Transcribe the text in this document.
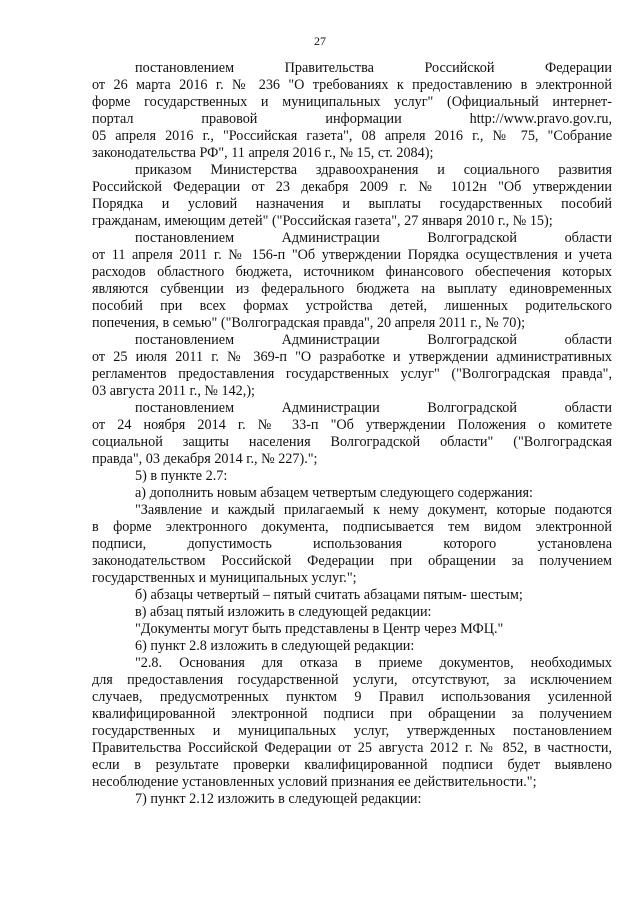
27
постановлением Правительства Российской Федерации
от 26 марта 2016 г. № 236 "О требованиях к предоставлению в электронной
форме государственных и муниципальных услуг" (Официальный интернет-
портал правовой информации http://www.pravo.gov.ru,
05 апреля 2016 г., "Российская газета", 08 апреля 2016 г., № 75, "Собрание
законодательства РФ", 11 апреля 2016 г., № 15, ст. 2084);
приказом Министерства здравоохранения и социального развития
Российской Федерации от 23 декабря 2009 г. № 1012н "Об утверждении
Порядка и условий назначения и выплаты государственных пособий
гражданам, имеющим детей" ("Российская газета", 27 января 2010 г., № 15);
постановлением Администрации Волгоградской области
от 11 апреля 2011 г. № 156-п "Об утверждении Порядка осуществления и учета
расходов областного бюджета, источником финансового обеспечения которых
являются субвенции из федерального бюджета на выплату единовременных
пособий при всех формах устройства детей, лишенных родительского
попечения, в семью" ("Волгоградская правда", 20 апреля 2011 г., № 70);
постановлением Администрации Волгоградской области
от 25 июля 2011 г. № 369-п "О разработке и утверждении административных
регламентов предоставления государственных услуг" ("Волгоградская правда",
03 августа 2011 г., № 142,);
постановлением Администрации Волгоградской области
от 24 ноября 2014 г. № 33-п "Об утверждении Положения о комитете
социальной защиты населения Волгоградской области" ("Волгоградская
правда", 03 декабря 2014 г., № 227).";
5) в пункте 2.7:
а) дополнить новым абзацем четвертым следующего содержания:
"Заявление и каждый прилагаемый к нему документ, которые подаются
в форме электронного документа, подписывается тем видом электронной
подписи, допустимость использования которого установлена
законодательством Российской Федерации при обращении за получением
государственных и муниципальных услуг.";
б) абзацы четвертый – пятый считать абзацами пятым- шестым;
в) абзац пятый изложить в следующей редакции:
"Документы могут быть представлены в Центр через МФЦ."
6) пункт 2.8 изложить в следующей редакции:
"2.8. Основания для отказа в приеме документов, необходимых
для предоставления государственной услуги, отсутствуют, за исключением
случаев, предусмотренных пунктом 9 Правил использования усиленной
квалифицированной электронной подписи при обращении за получением
государственных и муниципальных услуг, утвержденных постановлением
Правительства Российской Федерации от 25 августа 2012 г. № 852, в частности,
если в результате проверки квалифицированной подписи будет выявлено
несоблюдение установленных условий признания ее действительности.";
7) пункт 2.12 изложить в следующей редакции:
